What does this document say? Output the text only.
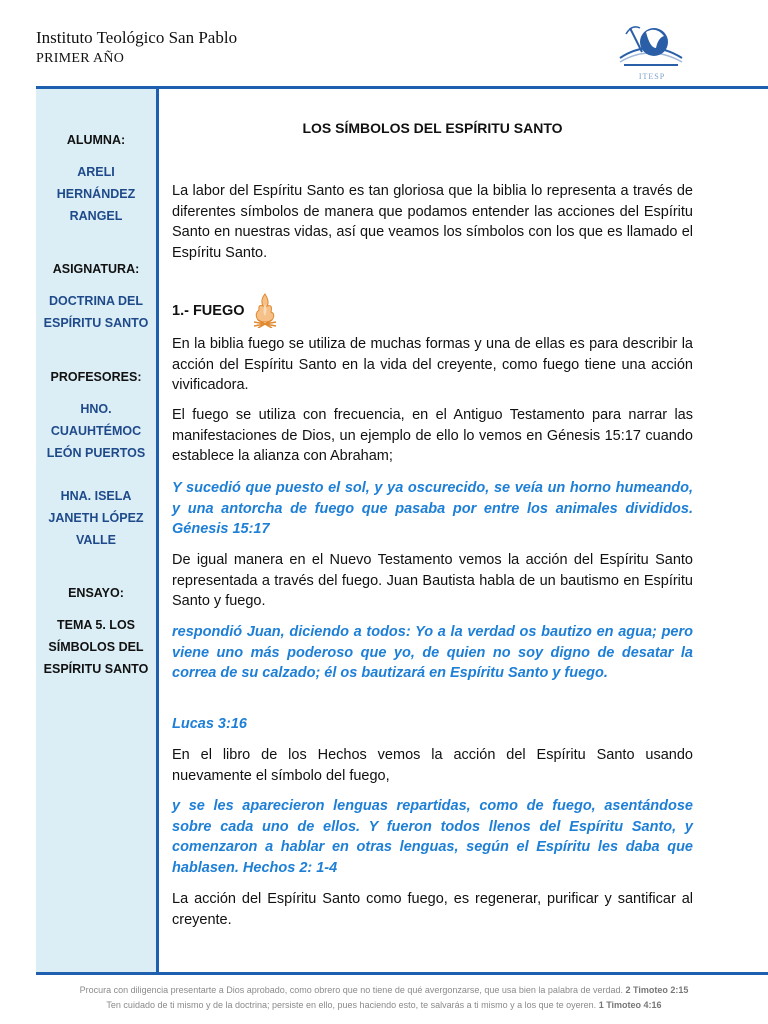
Instituto Teológico San Pablo
PRIMER AÑO
ITESP
ALUMNA:
ARELI
HERNÁNDEZ
RANGEL
ASIGNATURA:
DOCTRINA DEL
ESPÍRITU SANTO
PROFESORES:
HNO.
CUAUHTÉMOC
LEÓN PUERTOS
HNA. ISELA
JANETH LÓPEZ
VALLE
ENSAYO:
TEMA 5. LOS
SÍMBOLOS DEL
ESPÍRITU SANTO
LOS SÍMBOLOS DEL ESPÍRITU SANTO
La labor del Espíritu Santo es tan gloriosa que la biblia lo representa a través de diferentes símbolos de manera que podamos entender las acciones del Espíritu Santo en nuestras vidas, así que veamos los símbolos con los que es llamado el Espíritu Santo.
1.- FUEGO
En la biblia fuego se utiliza de muchas formas y una de ellas es para describir la acción del Espíritu Santo en la vida del creyente, como fuego tiene una acción vivificadora.
El fuego se utiliza con frecuencia, en el Antiguo Testamento para narrar las manifestaciones de Dios, un ejemplo de ello lo vemos en Génesis 15:17 cuando establece la alianza con Abraham;
Y sucedió que puesto el sol, y ya oscurecido, se veía un horno humeando, y una antorcha de fuego que pasaba por entre los animales divididos. Génesis 15:17
De igual manera en el Nuevo Testamento vemos la acción del Espíritu Santo representada a través del fuego. Juan Bautista habla de un bautismo en Espíritu Santo y fuego.
respondió Juan, diciendo a todos: Yo a la verdad os bautizo en agua; pero viene uno más poderoso que yo, de quien no soy digno de desatar la correa de su calzado; él os bautizará en Espíritu Santo y fuego.
Lucas 3:16
En el libro de los Hechos vemos la acción del Espíritu Santo usando nuevamente el símbolo del fuego,
y se les aparecieron lenguas repartidas, como de fuego, asentándose sobre cada uno de ellos. Y fueron todos llenos del Espíritu Santo, y comenzaron a hablar en otras lenguas, según el Espíritu les daba que hablasen. Hechos 2: 1-4
La acción del Espíritu Santo como fuego, es regenerar, purificar y santificar al creyente.
Procura con diligencia presentarte a Dios aprobado, como obrero que no tiene de qué avergonzarse, que usa bien la palabra de verdad. 2 Timoteo 2:15
Ten cuidado de ti mismo y de la doctrina; persiste en ello, pues haciendo esto, te salvarás a ti mismo y a los que te oyeren. 1 Timoteo 4:16
